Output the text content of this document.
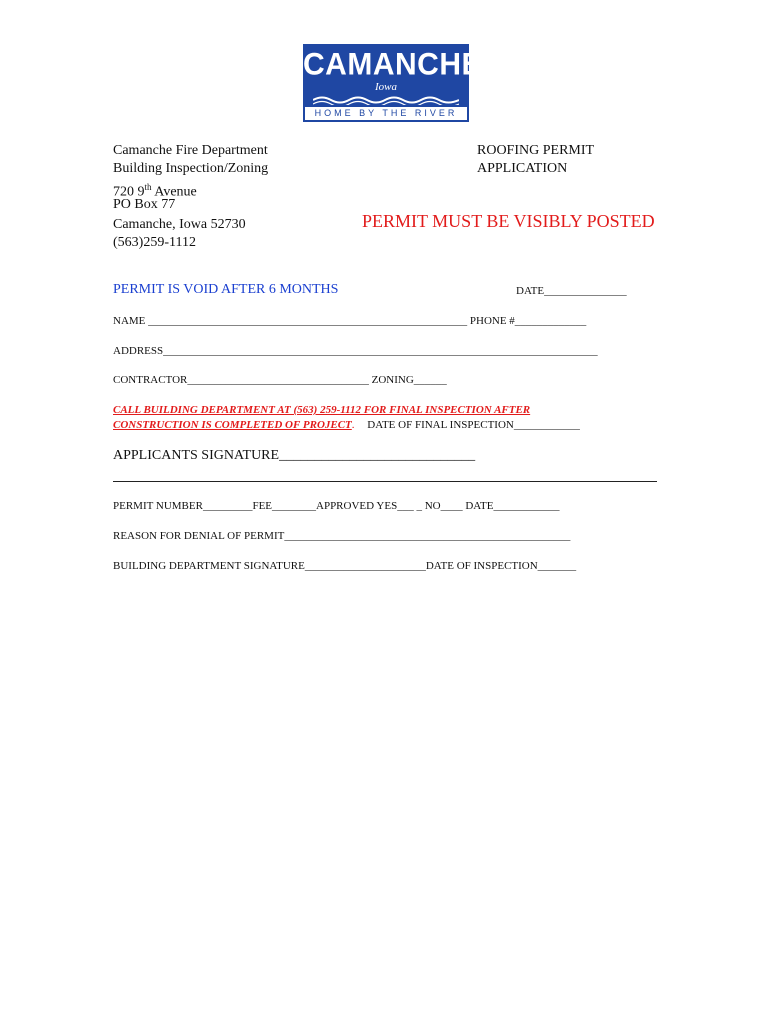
CAMANCHE
Iowa
HOME BY THE RIVER
Camanche Fire Department
Building Inspection/Zoning
720 9th Avenue
PO Box 77
Camanche, Iowa 52730
(563)259-1112
ROOFING PERMIT
APPLICATION
PERMIT MUST BE VISIBLY POSTED
PERMIT IS VOID AFTER 6 MONTHS	DATE_______________
NAME __________________________________________________________ PHONE #_____________
ADDRESS_______________________________________________________________________________
CONTRACTOR_________________________________ ZONING______
CALL BUILDING DEPARTMENT AT (563) 259-1112 FOR FINAL INSPECTION AFTER
CONSTRUCTION IS COMPLETED OF PROJECT. DATE OF FINAL INSPECTION____________
APPLICANTS SIGNATURE____________________________
PERMIT NUMBER_________FEE________APPROVED YES___ _ NO____ DATE____________
REASON FOR DENIAL OF PERMIT____________________________________________________
BUILDING DEPARTMENT SIGNATURE______________________DATE OF INSPECTION_______
